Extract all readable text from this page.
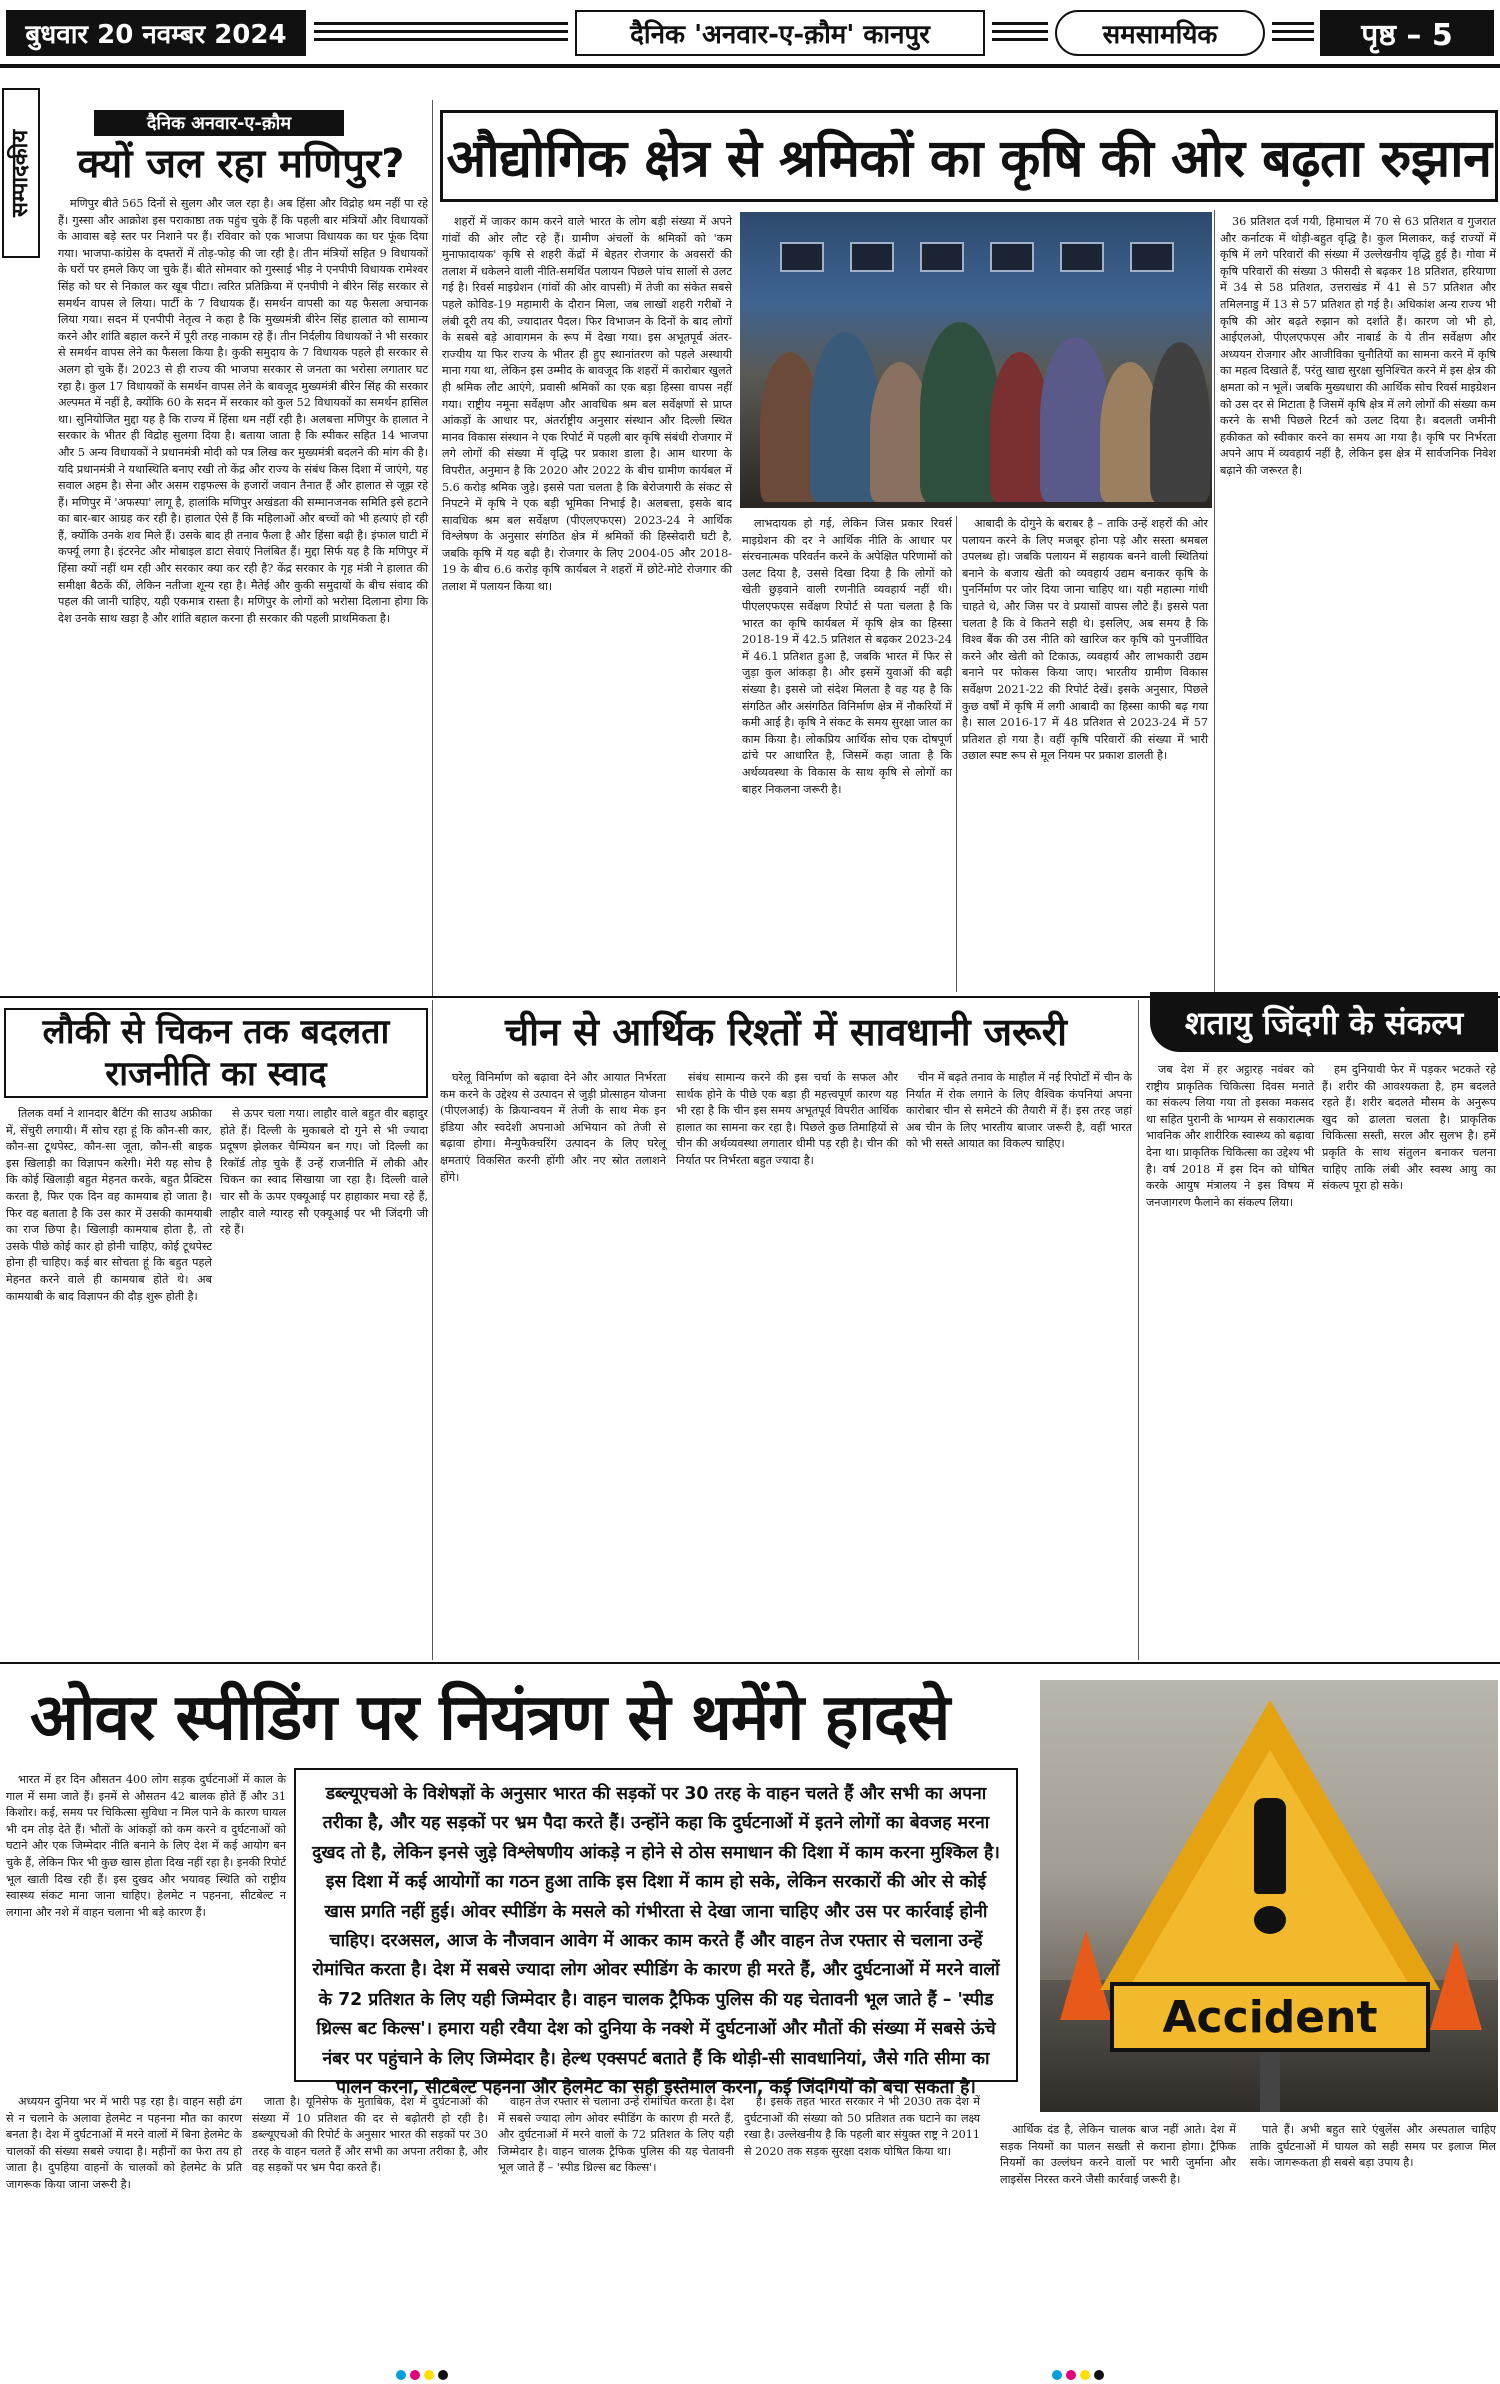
बुधवार 20 नवम्बर 2024	दैनिक 'अनवार-ए-क़ौम' कानपुर	समसामयिक	पृष्ठ – 5
सम्पादकीय
दैनिक अनवार-ए-क़ौम
क्यों जल रहा मणिपुर?

मणिपुर बीते 565 दिनों से सुलग और जल रहा है। अब हिंसा और विद्रोह थम नहीं पा रहे हैं। गुस्सा और आक्रोश इस पराकाष्ठा तक पहुंच चुके हैं कि पहली बार मंत्रियों और विधायकों के आवास बड़े स्तर पर निशाने पर हैं। रविवार को एक भाजपा विधायक का घर फूंक दिया गया। भाजपा-कांग्रेस के दफ्तरों में तोड़-फोड़ की जा रही है। तीन मंत्रियों सहित 9 विधायकों के घरों पर हमले किए जा चुके हैं। बीते सोमवार को गुस्साई भीड़ ने एनपीपी विधायक रामेश्वर सिंह को घर से निकाल कर खूब पीटा। त्वरित प्रतिक्रिया में एनपीपी ने बीरेन सिंह सरकार से समर्थन वापस ले लिया। पार्टी के 7 विधायक हैं। समर्थन वापसी का यह फैसला अचानक लिया गया। सदन में एनपीपी नेतृत्व ने कहा है कि मुख्यमंत्री बीरेन सिंह हालात को सामान्य करने और शांति बहाल करने में पूरी तरह नाकाम रहे हैं। तीन निर्दलीय विधायकों ने भी सरकार से समर्थन वापस लेने का फैसला किया है। कुकी समुदाय के 7 विधायक पहले ही सरकार से अलग हो चुके हैं। 2023 से ही राज्य की भाजपा सरकार से जनता का भरोसा लगातार घट रहा है। कुल 17 विधायकों के समर्थन वापस लेने के बावजूद मुख्यमंत्री बीरेन सिंह की सरकार अल्पमत में नहीं है, क्योंकि 60 के सदन में सरकार को कुल 52 विधायकों का समर्थन हासिल था। सुनियोजित मुद्दा यह है कि राज्य में हिंसा थम नहीं रही है। अलबत्ता मणिपुर के हालात ने सरकार के भीतर ही विद्रोह सुलगा दिया है। बताया जाता है कि स्पीकर सहित 14 भाजपा और 5 अन्य विधायकों ने प्रधानमंत्री मोदी को पत्र लिख कर मुख्यमंत्री बदलने की मांग की है। यदि प्रधानमंत्री ने यथास्थिति बनाए रखी तो केंद्र और राज्य के संबंध किस दिशा में जाएंगे, यह सवाल अहम है। सेना और असम राइफल्स के हजारों जवान तैनात हैं और हालात से जूझ रहे हैं। मणिपुर में 'अफस्पा' लागू है, हालांकि मणिपुर अखंडता की सम्मानजनक समिति इसे हटाने का बार-बार आग्रह कर रही है। हालात ऐसे हैं कि महिलाओं और बच्चों को भी हत्याएं हो रही हैं, क्योंकि उनके शव मिले हैं। उसके बाद ही तनाव फैला है और हिंसा बढ़ी है। इंफाल घाटी में कर्फ्यू लगा है। इंटरनेट और मोबाइल डाटा सेवाएं निलंबित हैं। मुद्दा सिर्फ यह है कि मणिपुर में हिंसा क्यों नहीं थम रही और सरकार क्या कर रही है? केंद्र सरकार के गृह मंत्री ने हालात की समीक्षा बैठकें कीं, लेकिन नतीजा शून्य रहा है। मैतेई और कुकी समुदायों के बीच संवाद की पहल की जानी चाहिए, यही एकमात्र रास्ता है। मणिपुर के लोगों को भरोसा दिलाना होगा कि देश उनके साथ खड़ा है और शांति बहाल करना ही सरकार की पहली प्राथमिकता है।

औद्योगिक क्षेत्र से श्रमिकों का कृषि की ओर बढ़ता रुझान

शहरों में जाकर काम करने वाले भारत के लोग बड़ी संख्या में अपने गांवों की ओर लौट रहे हैं। ग्रामीण अंचलों के श्रमिकों को 'कम मुनाफादायक' कृषि से शहरी केंद्रों में बेहतर रोजगार के अवसरों की तलाश में धकेलने वाली नीति-समर्थित पलायन पिछले पांच सालों से उलट गई है। रिवर्स माइग्रेशन (गांवों की ओर वापसी) में तेजी का संकेत सबसे पहले कोविड-19 महामारी के दौरान मिला, जब लाखों शहरी गरीबों ने लंबी दूरी तय की, ज्यादातर पैदल। फिर विभाजन के दिनों के बाद लोगों के सबसे बड़े आवागमन के रूप में देखा गया। इस अभूतपूर्व अंतर-राज्यीय या फिर राज्य के भीतर ही हुए स्थानांतरण को पहले अस्थायी माना गया था, लेकिन इस उम्मीद के बावजूद कि शहरों में कारोबार खुलते ही श्रमिक लौट आएंगे, प्रवासी श्रमिकों का एक बड़ा हिस्सा वापस नहीं गया। राष्ट्रीय नमूना सर्वेक्षण और आवधिक श्रम बल सर्वेक्षणों से प्राप्त आंकड़ों के आधार पर, अंतर्राष्ट्रीय अनुसार संस्थान और दिल्ली स्थित मानव विकास संस्थान ने एक रिपोर्ट में पहली बार कृषि संबंधी रोजगार में लगे लोगों की संख्या में वृद्धि पर प्रकाश डाला है। आम धारणा के विपरीत, अनुमान है कि 2020 और 2022 के बीच ग्रामीण कार्यबल में 5.6 करोड़ श्रमिक जुड़े। इससे पता चलता है कि बेरोजगारी के संकट से निपटने में कृषि ने एक बड़ी भूमिका निभाई है। अलबत्ता, इसके बाद सावधिक श्रम बल सर्वेक्षण (पीएलएफएस) 2023-24 ने आर्थिक विश्लेषण के अनुसार संगठित क्षेत्र में श्रमिकों की हिस्सेदारी घटी है, जबकि कृषि में यह बढ़ी है। रोजगार के लिए 2004-05 और 2018-19 के बीच 6.6 करोड़ कृषि कार्यबल ने शहरों में छोटे-मोटे रोजगार की तलाश में पलायन किया था।

लाभदायक हो गई, लेकिन जिस प्रकार रिवर्स माइग्रेशन की दर ने आर्थिक नीति के आधार पर संरचनात्मक परिवर्तन करने के अपेक्षित परिणामों को उलट दिया है, उससे दिखा दिया है कि लोगों को खेती छुड़वाने वाली रणनीति व्यवहार्य नहीं थी। पीएलएफएस सर्वेक्षण रिपोर्ट से पता चलता है कि भारत का कृषि कार्यबल में कृषि क्षेत्र का हिस्सा 2018-19 में 42.5 प्रतिशत से बढ़कर 2023-24 में 46.1 प्रतिशत हुआ है, जबकि भारत में फिर से जुड़ा कुल आंकड़ा है। और इसमें युवाओं की बढ़ी संख्या है। इससे जो संदेश मिलता है वह यह है कि संगठित और असंगठित विनिर्माण क्षेत्र में नौकरियों में कमी आई है। कृषि ने संकट के समय सुरक्षा जाल का काम किया है। लोकप्रिय आर्थिक सोच एक दोषपूर्ण ढांचे पर आधारित है, जिसमें कहा जाता है कि अर्थव्यवस्था के विकास के साथ कृषि से लोगों का बाहर निकलना जरूरी है।

आबादी के दोगुने के बराबर है – ताकि उन्हें शहरों की ओर पलायन करने के लिए मजबूर होना पड़े और सस्ता श्रमबल उपलब्ध हो। जबकि पलायन में सहायक बनने वाली स्थितियां बनाने के बजाय खेती को व्यवहार्य उद्यम बनाकर कृषि के पुनर्निर्माण पर जोर दिया जाना चाहिए था। यही महात्मा गांधी चाहते थे, और जिस पर वे प्रयासों वापस लौटे हैं। इससे पता चलता है कि वे कितने सही थे। इसलिए, अब समय है कि विश्व बैंक की उस नीति को खारिज कर कृषि को पुनर्जीवित करने और खेती को टिकाऊ, व्यवहार्य और लाभकारी उद्यम बनाने पर फोकस किया जाए। भारतीय ग्रामीण विकास सर्वेक्षण 2021-22 की रिपोर्ट देखें। इसके अनुसार, पिछले कुछ वर्षों में कृषि में लगी आबादी का हिस्सा काफी बढ़ गया है। साल 2016-17 में 48 प्रतिशत से 2023-24 में 57 प्रतिशत हो गया है। वहीं कृषि परिवारों की संख्या में भारी उछाल स्पष्ट रूप से मूल नियम पर प्रकाश डालती है।

36 प्रतिशत दर्ज गयी, हिमाचल में 70 से 63 प्रतिशत व गुजरात और कर्नाटक में थोड़ी-बहुत वृद्धि है। कुल मिलाकर, कई राज्यों में कृषि में लगे परिवारों की संख्या में उल्लेखनीय वृद्धि हुई है। गोवा में कृषि परिवारों की संख्या 3 फीसदी से बढ़कर 18 प्रतिशत, हरियाणा में 34 से 58 प्रतिशत, उत्तराखंड में 41 से 57 प्रतिशत और तमिलनाडु में 13 से 57 प्रतिशत हो गई है। अधिकांश अन्य राज्य भी कृषि की ओर बढ़ते रुझान को दर्शाते हैं। कारण जो भी हो, आईएलओ, पीएलएफएस और नाबार्ड के ये तीन सर्वेक्षण और अध्ययन रोजगार और आजीविका चुनौतियों का सामना करने में कृषि का महत्व दिखाते हैं, परंतु खाद्य सुरक्षा सुनिश्चित करने में इस क्षेत्र की क्षमता को न भूलें। जबकि मुख्यधारा की आर्थिक सोच रिवर्स माइग्रेशन को उस दर से मिटाता है जिसमें कृषि क्षेत्र में लगे लोगों की संख्या कम करने के सभी पिछले रिटर्न को उलट दिया है। बदलती जमीनी हकीकत को स्वीकार करने का समय आ गया है। कृषि पर निर्भरता अपने आप में व्यवहार्य नहीं है, लेकिन इस क्षेत्र में सार्वजनिक निवेश बढ़ाने की जरूरत है।

लौकी से चिकन तक बदलता
राजनीति का स्वाद

तिलक वर्मा ने शानदार बैटिंग की साउथ अफ्रीका में, सेंचुरी लगायी। मैं सोच रहा हूं कि कौन-सी कार, कौन-सा टूथपेस्ट, कौन-सा जूता, कौन-सी बाइक इस खिलाड़ी का विज्ञापन करेगी। मेरी यह सोच है कि कोई खिलाड़ी बहुत मेहनत करके, बहुत प्रैक्टिस करता है, फिर एक दिन वह कामयाब हो जाता है। फिर वह बताता है कि उस कार में उसकी कामयाबी का राज छिपा है। खिलाड़ी कामयाब होता है, तो उसके पीछे कोई कार हो होनी चाहिए, कोई टूथपेस्ट होना ही चाहिए। कई बार सोचता हूं कि बहुत पहले मेहनत करने वाले ही कामयाब होते थे। अब कामयाबी के बाद विज्ञापन की दौड़ शुरू होती है।

से ऊपर चला गया। लाहौर वाले बहुत वीर बहादुर होते हैं। दिल्ली के मुकाबले दो गुने से भी ज्यादा प्रदूषण झेलकर चैम्पियन बन गए। जो दिल्ली का रिकॉर्ड तोड़ चुके हैं उन्हें राजनीति में लौकी और चिकन का स्वाद सिखाया जा रहा है। दिल्ली वाले चार सौ के ऊपर एक्यूआई पर हाहाकार मचा रहे हैं, लाहौर वाले ग्यारह सौ एक्यूआई पर भी जिंदगी जी रहे हैं।

चीन से आर्थिक रिश्तों में सावधानी जरूरी

घरेलू विनिर्माण को बढ़ावा देने और आयात निर्भरता कम करने के उद्देश्य से उत्पादन से जुड़ी प्रोत्साहन योजना (पीएलआई) के क्रियान्वयन में तेजी के साथ मेक इन इंडिया और स्वदेशी अपनाओ अभियान को तेजी से बढ़ावा होगा। मैन्युफैक्चरिंग उत्पादन के लिए घरेलू क्षमताएं विकसित करनी होंगी और नए स्रोत तलाशने होंगे।

संबंध सामान्य करने की इस चर्चा के सफल और सार्थक होने के पीछे एक बड़ा ही महत्त्वपूर्ण कारण यह भी रहा है कि चीन इस समय अभूतपूर्व विपरीत आर्थिक हालात का सामना कर रहा है। पिछले कुछ तिमाहियों से चीन की अर्थव्यवस्था लगातार धीमी पड़ रही है। चीन की निर्यात पर निर्भरता बहुत ज्यादा है।

चीन में बढ़ते तनाव के माहौल में नई रिपोर्टों में चीन के निर्यात में रोक लगाने के लिए वैश्विक कंपनियां अपना कारोबार चीन से समेटने की तैयारी में हैं। इस तरह जहां अब चीन के लिए भारतीय बाजार जरूरी है, वहीं भारत को भी सस्ते आयात का विकल्प चाहिए।

शतायु जिंदगी के संकल्प

जब देश में हर अट्ठारह नवंबर को राष्ट्रीय प्राकृतिक चिकित्सा दिवस मनाते का संकल्प लिया गया तो इसका मकसद था सहित पुरानी के भाग्यम से सकारात्मक भावनिक और शारीरिक स्वास्थ्य को बढ़ावा देना था। प्राकृतिक चिकित्सा का उद्देश्य भी है। वर्ष 2018 में इस दिन को घोषित करके आयुष मंत्रालय ने इस विषय में जनजागरण फैलाने का संकल्प लिया।

हम दुनियावी फेर में पड़कर भटकते रहे हैं। शरीर की आवश्यकता है, हम बदलते रहते हैं। शरीर बदलते मौसम के अनुरूप खुद को ढालता चलता है। प्राकृतिक चिकित्सा सस्ती, सरल और सुलभ है। हमें प्रकृति के साथ संतुलन बनाकर चलना चाहिए ताकि लंबी और स्वस्थ आयु का संकल्प पूरा हो सके।

ओवर स्पीडिंग पर नियंत्रण से थमेंगे हादसे

भारत में हर दिन औसतन 400 लोग सड़क दुर्घटनाओं में काल के गाल में समा जाते हैं। इनमें से औसतन 42 बालक होते हैं और 31 किशोर। कई, समय पर चिकित्सा सुविधा न मिल पाने के कारण घायल भी दम तोड़ देते हैं। भौतों के आंकड़ों को कम करने व दुर्घटनाओं को घटाने और एक जिम्मेदार नीति बनाने के लिए देश में कई आयोग बन चुके हैं, लेकिन फिर भी कुछ खास होता दिख नहीं रहा है। इनकी रिपोर्ट भूल खाती दिख रही हैं। इस दुखद और भयावह स्थिति को राष्ट्रीय स्वास्थ्य संकट माना जाना चाहिए। हेलमेट न पहनना, सीटबेल्ट न लगाना और नशे में वाहन चलाना भी बड़े कारण हैं।

डब्ल्यूएचओ के विशेषज्ञों के अनुसार भारत की सड़कों पर 30 तरह के वाहन चलते हैं और सभी का अपना तरीका है, और यह सड़कों पर भ्रम पैदा करते हैं। उन्होंने कहा कि दुर्घटनाओं में इतने लोगों का बेवजह मरना दुखद तो है, लेकिन इनसे जुड़े विश्लेषणीय आंकड़े न होने से ठोस समाधान की दिशा में काम करना मुश्किल है। इस दिशा में कई आयोगों का गठन हुआ ताकि इस दिशा में काम हो सके, लेकिन सरकारों की ओर से कोई खास प्रगति नहीं हुई। ओवर स्पीडिंग के मसले को गंभीरता से देखा जाना चाहिए और उस पर कार्रवाई होनी चाहिए। दरअसल, आज के नौजवान आवेग में आकर काम करते हैं और वाहन तेज रफ्तार से चलाना उन्हें रोमांचित करता है। देश में सबसे ज्यादा लोग ओवर स्पीडिंग के कारण ही मरते हैं, और दुर्घटनाओं में मरने वालों के 72 प्रतिशत के लिए यही जिम्मेदार है। वाहन चालक ट्रैफिक पुलिस की यह चेतावनी भूल जाते हैं – 'स्पीड थ्रिल्स बट किल्स'। हमारा यही रवैया देश को दुनिया के नक्शे में दुर्घटनाओं और मौतों की संख्या में सबसे ऊंचे नंबर पर पहुंचाने के लिए जिम्मेदार है। हेल्थ एक्सपर्ट बताते हैं कि थोड़ी-सी सावधानियां, जैसे गति सीमा का पालन करना, सीटबेल्ट पहनना और हेलमेट का सही इस्तेमाल करना, कई जिंदगियों को बचा सकता है।
Accident

अध्ययन दुनिया भर में भारी पड़ रहा है। वाहन सही ढंग से न चलाने के अलावा हेलमेट न पहनना मौत का कारण बनता है। देश में दुर्घटनाओं में मरने वालों में बिना हेलमेट के चालकों की संख्या सबसे ज्यादा है। महीनों का फेरा तय हो जाता है। दुपहिया वाहनों के चालकों को हेलमेट के प्रति जागरूक किया जाना जरूरी है।

जाता है। यूनिसेफ के मुताबिक, देश में दुर्घटनाओं की संख्या में 10 प्रतिशत की दर से बढ़ोतरी हो रही है। डब्ल्यूएचओ की रिपोर्ट के अनुसार भारत की सड़कों पर 30 तरह के वाहन चलते हैं और सभी का अपना तरीका है, और वह सड़कों पर भ्रम पैदा करते हैं।

वाहन तेज रफ्तार से चलाना उन्हें रोमांचित करता है। देश में सबसे ज्यादा लोग ओवर स्पीडिंग के कारण ही मरते हैं, और दुर्घटनाओं में मरने वालों के 72 प्रतिशत के लिए यही जिम्मेदार है। वाहन चालक ट्रैफिक पुलिस की यह चेतावनी भूल जाते हैं – 'स्पीड थ्रिल्स बट किल्स'।

है। इसके तहत भारत सरकार ने भी 2030 तक देश में दुर्घटनाओं की संख्या को 50 प्रतिशत तक घटाने का लक्ष्य रखा है। उल्लेखनीय है कि पहली बार संयुक्त राष्ट्र ने 2011 से 2020 तक सड़क सुरक्षा दशक घोषित किया था।

आर्थिक दंड है, लेकिन चालक बाज नहीं आते। देश में सड़क नियमों का पालन सख्ती से कराना होगा। ट्रैफिक नियमों का उल्लंघन करने वालों पर भारी जुर्माना और लाइसेंस निरस्त करने जैसी कार्रवाई जरूरी है।

पाते हैं। अभी बहुत सारे एंबुलेंस और अस्पताल चाहिए ताकि दुर्घटनाओं में घायल को सही समय पर इलाज मिल सके। जागरूकता ही सबसे बड़ा उपाय है।
